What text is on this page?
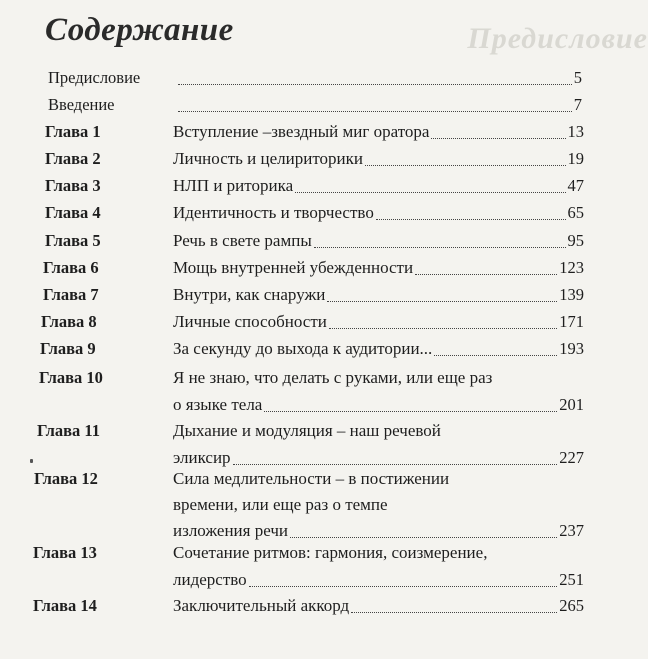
Предисловие
Содержание
Предисловие	5
Введение	7
Глава 1	Вступление –звездный миг оратора	13
Глава 2	Личность и целириторики	19
Глава 3	НЛП и риторика	47
Глава 4	Идентичность и творчество	65
Глава 5	Речь в свете рампы	95
Глава 6	Мощь внутренней убежденности	123
Глава 7	Внутри, как снаружи	139
Глава 8	Личные способности	171
Глава 9	За секунду до выхода к аудитории...	193
Глава 10	Я не знаю, что делать с руками, или еще раз
о языке тела	201
Глава 11	Дыхание и модуляция – наш речевой
эликсир	227
Глава 12	Сила медлительности – в постижении
времени, или еще раз о темпе
изложения речи	237
Глава 13	Сочетание ритмов: гармония, соизмерение,
лидерство	251
Глава 14	Заключительный аккорд	265
